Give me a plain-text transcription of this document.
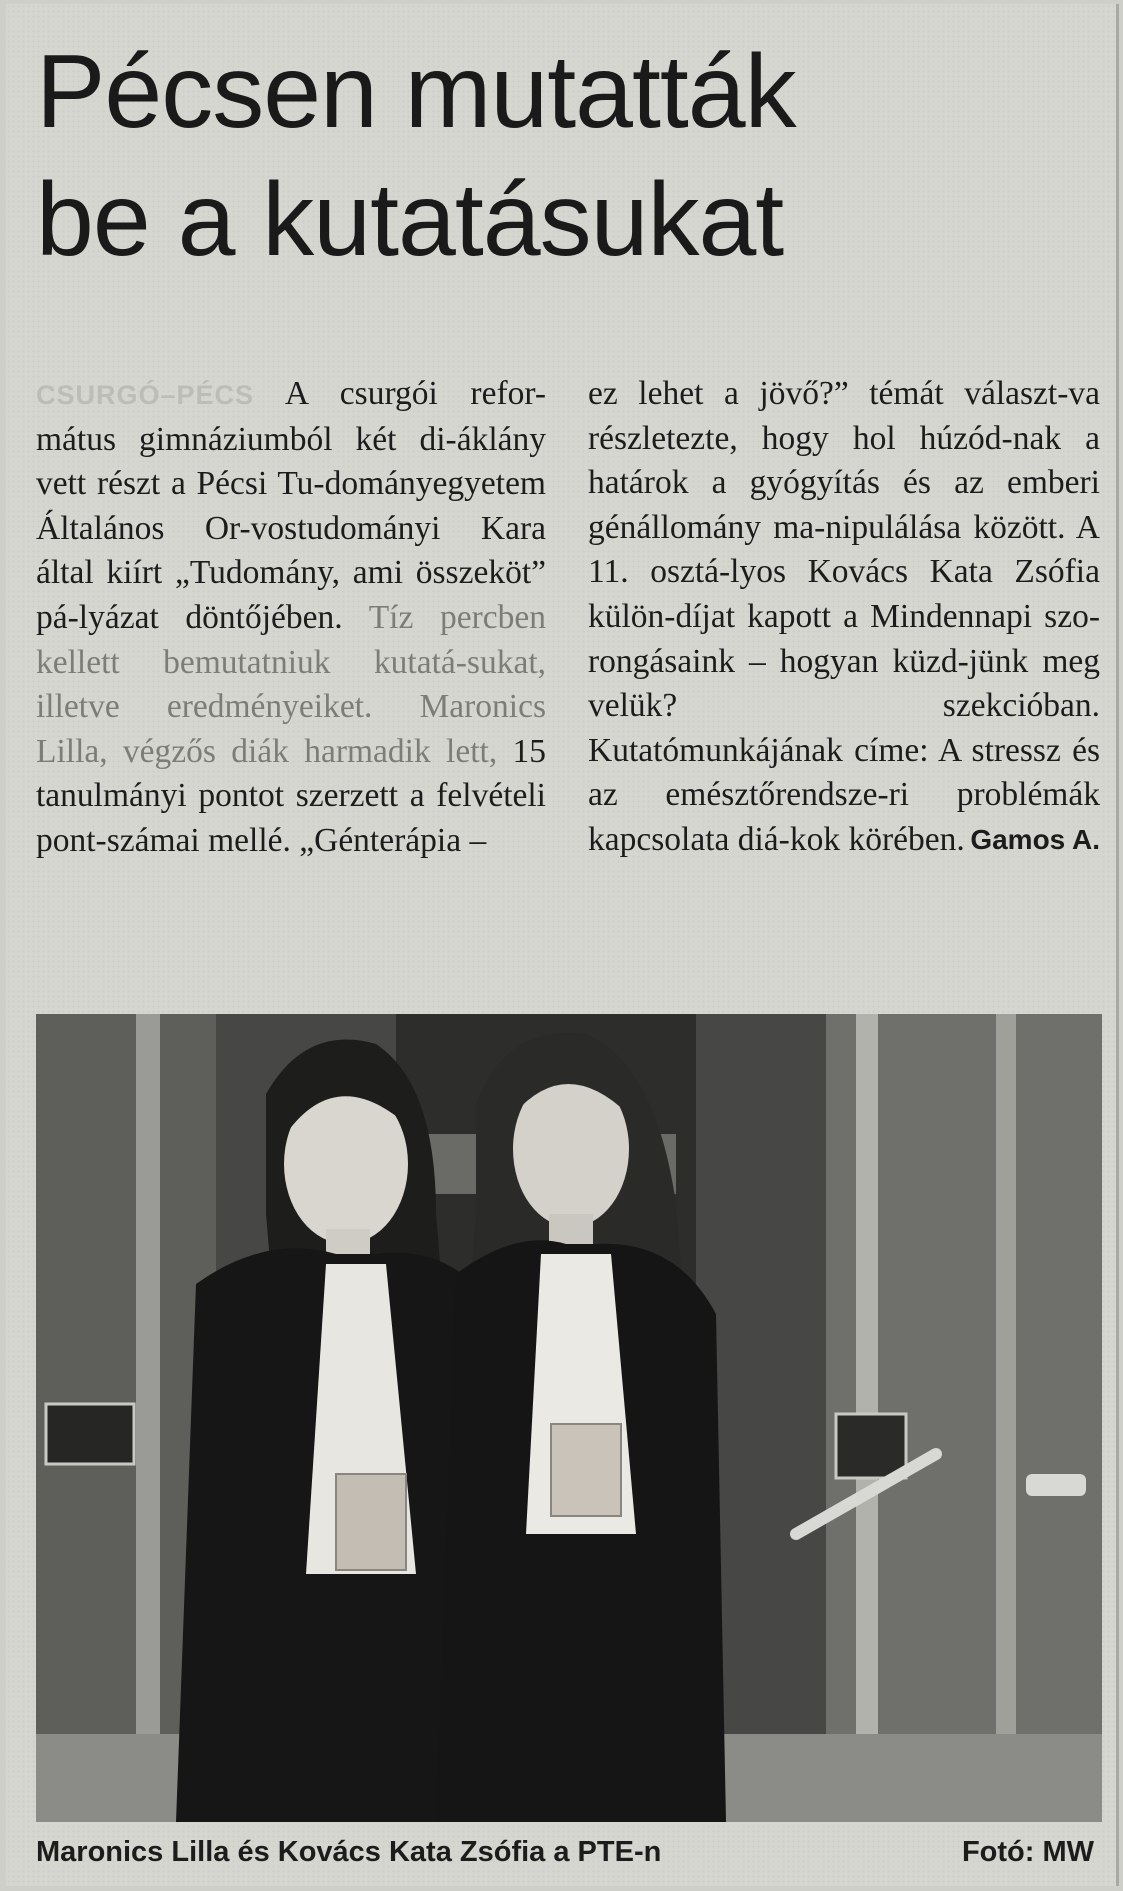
Pécsen mutatták
be a kutatásukat
CSURGÓ–PÉCS A csurgói refor-mátus gimnáziumból két di-áklány vett részt a Pécsi Tu-dományegyetem Általános Or-vostudományi Kara által kiírt „Tudomány, ami összeköt” pá-lyázat döntőjében. Tíz percben kellett bemutatniuk kutatá-sukat, illetve eredményeiket. Maronics Lilla, végzős diák harmadik lett, 15 tanulmányi pontot szerzett a felvételi pont-számai mellé. „Génterápia –
ez lehet a jövő?” témát választ-va részletezte, hogy hol húzód-nak a határok a gyógyítás és az emberi génállomány ma-nipulálása között. A 11. osztá-lyos Kovács Kata Zsófia külön-díjat kapott a Mindennapi szo-rongásaink – hogyan küzd-jünk meg velük? szekcióban. Kutatómunkájának címe: A stressz és az emésztőrendsze-ri problémák kapcsolata diá-kok körében. Gamos A.
Maronics Lilla és Kovács Kata Zsófia a PTE-n	Fotó: MW
